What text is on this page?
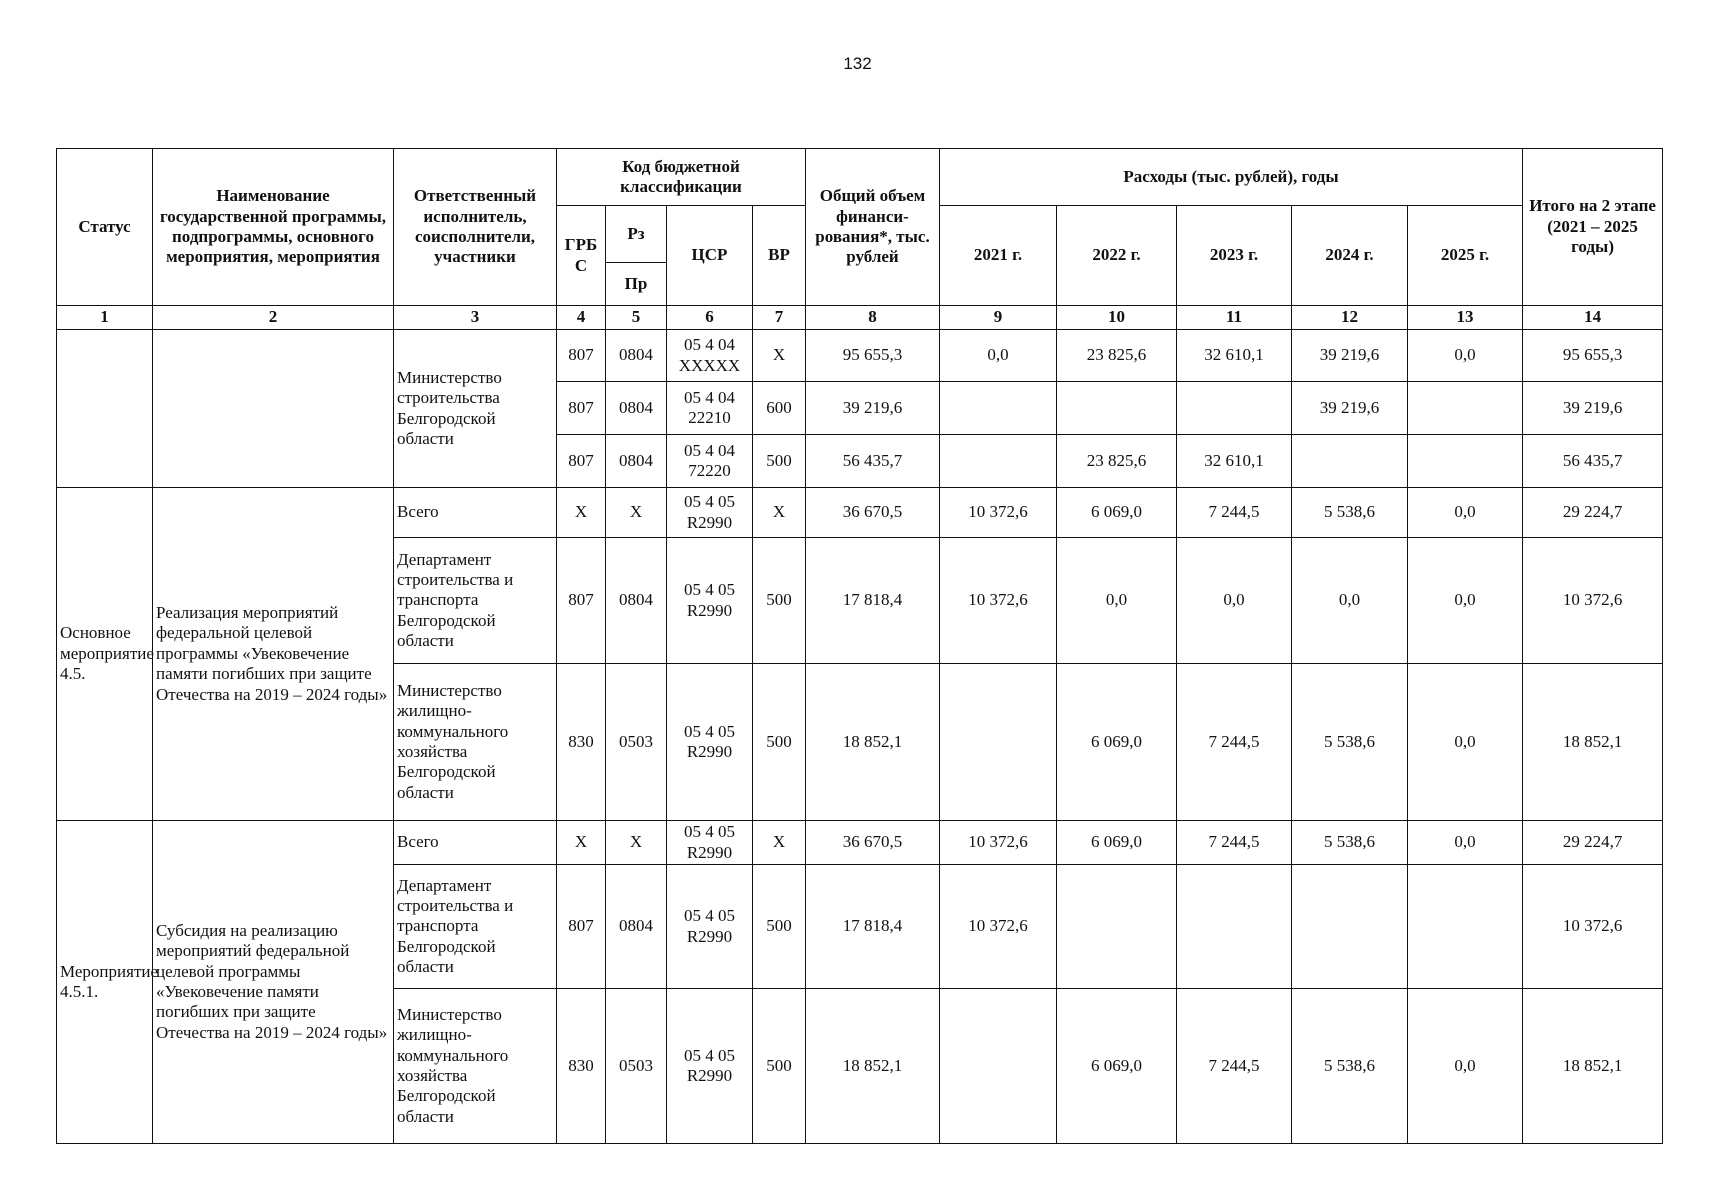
132
Статус	Наименование государственной программы, подпрограммы, основного мероприятия, мероприятия	Ответственный исполнитель, соисполнители, участники	Код бюджетной классификации				Общий объем финанси-рования*, тыс. рублей	Расходы (тыс. рублей), годы					Итого на 2 этапе (2021 – 2025 годы)
			ГРБ С	Рз	ЦСР	ВР		2021 г.	2022 г.	2023 г.	2024 г.	2025 г.	
				Пр									
1	2	3	4	5	6	7	8	9	10	11	12	13	14
		Министерство строительства Белгородской области	807	0804	05 4 04 XXXXX	X	95 655,3	0,0	23 825,6	32 610,1	39 219,6	0,0	95 655,3
			807	0804	05 4 04 22210	600	39 219,6				39 219,6		39 219,6
			807	0804	05 4 04 72220	500	56 435,7		23 825,6	32 610,1			56 435,7
Основное мероприятие 4.5.	Реализация мероприятий федеральной целевой программы «Увековечение памяти погибших при защите Отечества на 2019 – 2024 годы»	Всего	X	X	05 4 05 R2990	X	36 670,5	10 372,6	6 069,0	7 244,5	5 538,6	0,0	29 224,7
		Департамент строительства и транспорта Белгородской области	807	0804	05 4 05 R2990	500	17 818,4	10 372,6	0,0	0,0	0,0	0,0	10 372,6
		Министерство жилищно-коммунального хозяйства Белгородской области	830	0503	05 4 05 R2990	500	18 852,1		6 069,0	7 244,5	5 538,6	0,0	18 852,1
Мероприятие 4.5.1.	Субсидия на реализацию мероприятий федеральной целевой программы «Увековечение памяти погибших при защите Отечества на 2019 – 2024 годы»	Всего	X	X	05 4 05 R2990	X	36 670,5	10 372,6	6 069,0	7 244,5	5 538,6	0,0	29 224,7
		Департамент строительства и транспорта Белгородской области	807	0804	05 4 05 R2990	500	17 818,4	10 372,6					10 372,6
		Министерство жилищно-коммунального хозяйства Белгородской области	830	0503	05 4 05 R2990	500	18 852,1		6 069,0	7 244,5	5 538,6	0,0	18 852,1
